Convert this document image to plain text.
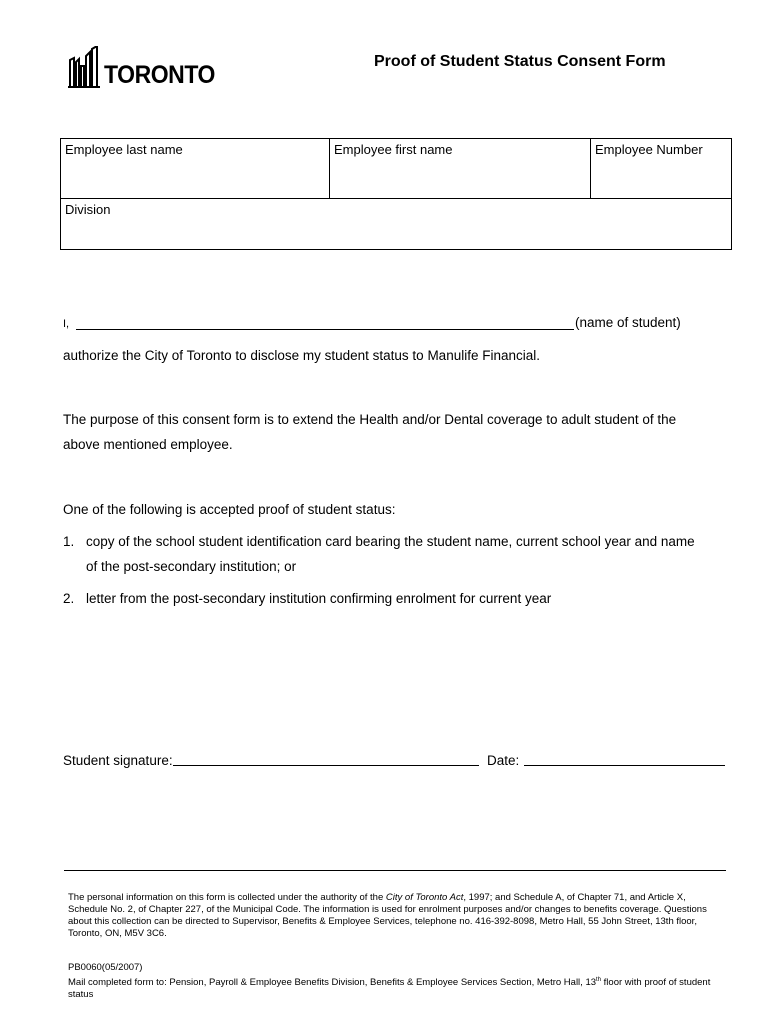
TORONTO	Proof of Student Status Consent Form
Employee last name	Employee first name	Employee Number
Division
I,	(name of student)
authorize the City of Toronto to disclose my student status to Manulife Financial.
The purpose of this consent form is to extend the Health and/or Dental coverage to adult student of the
above mentioned employee.
One of the following is accepted proof of student status:
1. copy of the school student identification card bearing the student name, current school year and name
of the post-secondary institution; or
2. letter from the post-secondary institution confirming enrolment for current year
Student signature:	Date:
The personal information on this form is collected under the authority of the City of Toronto Act, 1997; and Schedule A, of Chapter 71, and Article X, Schedule No. 2, of Chapter 227, of the Municipal Code. The information is used for enrolment purposes and/or changes to benefits coverage. Questions about this collection can be directed to Supervisor, Benefits & Employee Services, telephone no. 416-392-8098, Metro Hall, 55 John Street, 13th floor, Toronto, ON, M5V 3C6.
PB0060(05/2007)
Mail completed form to: Pension, Payroll & Employee Benefits Division, Benefits & Employee Services Section, Metro Hall, 13th floor with proof of student status
